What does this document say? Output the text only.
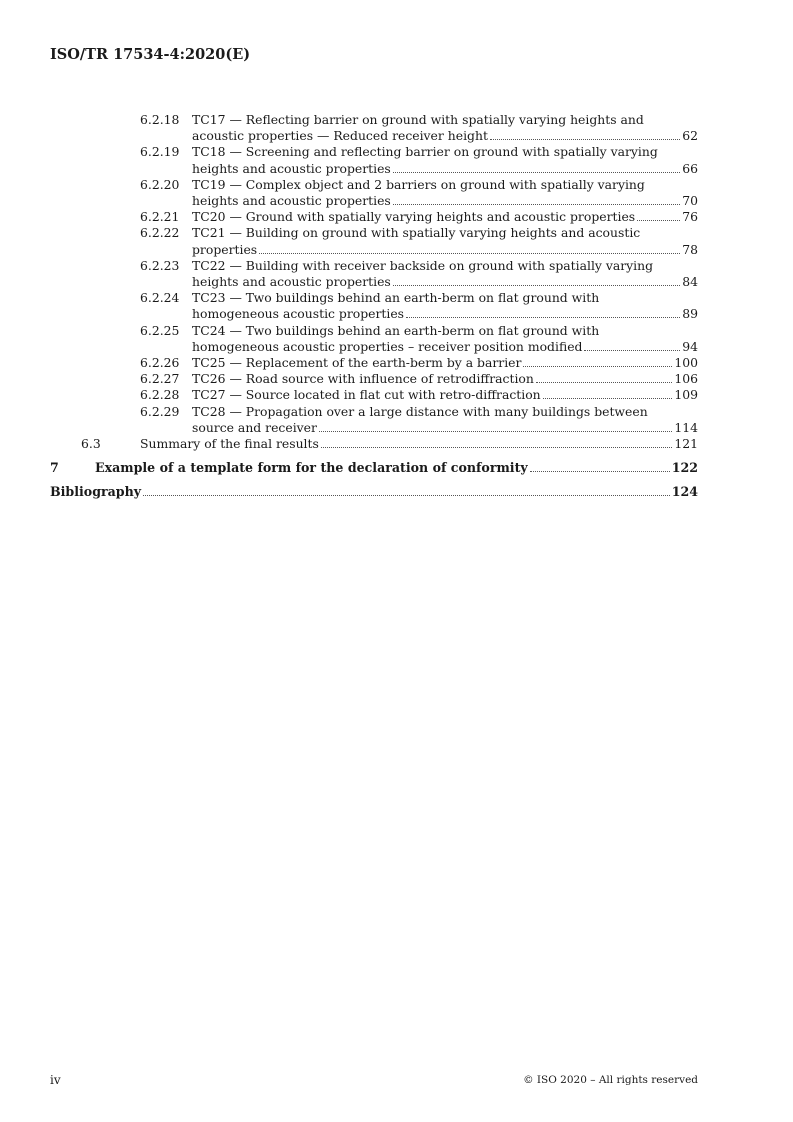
ISO/TR 17534-4:2020(E)
6.2.18 TC17 — Reflecting barrier on ground with spatially varying heights and
acoustic properties — Reduced receiver height	62
6.2.19 TC18 — Screening and reflecting barrier on ground with spatially varying
heights and acoustic properties	66
6.2.20 TC19 — Complex object and 2 barriers on ground with spatially varying
heights and acoustic properties	70
6.2.21 TC20 — Ground with spatially varying heights and acoustic properties	76
6.2.22 TC21 — Building on ground with spatially varying heights and acoustic
properties	78
6.2.23 TC22 — Building with receiver backside on ground with spatially varying
heights and acoustic properties	84
6.2.24 TC23 — Two buildings behind an earth-berm on flat ground with
homogeneous acoustic properties	89
6.2.25 TC24 — Two buildings behind an earth-berm on flat ground with
homogeneous acoustic properties – receiver position modified	94
6.2.26 TC25 — Replacement of the earth-berm by a barrier	100
6.2.27 TC26 — Road source with influence of retrodiffraction	106
6.2.28 TC27 — Source located in flat cut with retro-diffraction	109
6.2.29 TC28 — Propagation over a large distance with many buildings between
source and receiver	114
6.3	Summary of the final results	121
7	Example of a template form for the declaration of conformity	122
Bibliography	124
iv	© ISO 2020 – All rights reserved
